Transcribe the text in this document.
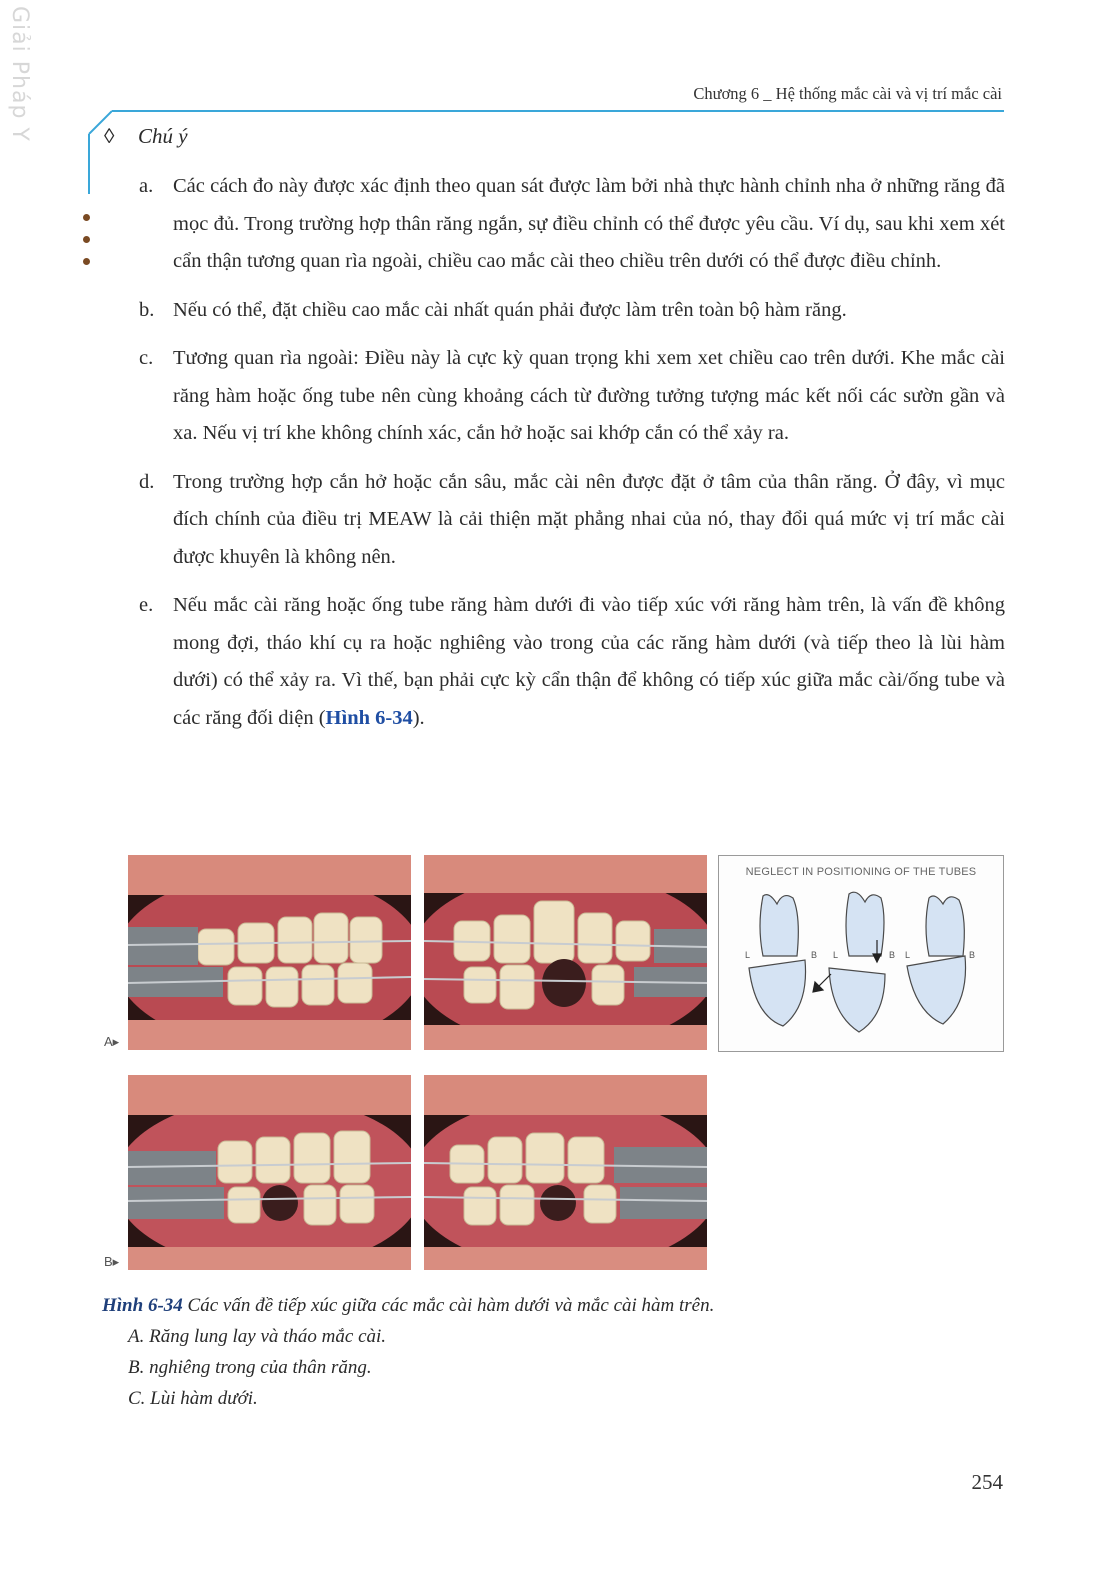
Giải Pháp Y
Chương 6 _ Hệ thống mắc cài và vị trí mắc cài
◊ Chú ý
a. Các cách đo này được xác định theo quan sát được làm bởi nhà thực hành chỉnh nha ở những răng đã mọc đủ. Trong trường hợp thân răng ngắn, sự điều chỉnh có thể được yêu cầu. Ví dụ, sau khi xem xét cẩn thận tương quan rìa ngoài, chiều cao mắc cài theo chiều trên dưới có thể được điều chỉnh.
b. Nếu có thể, đặt chiều cao mắc cài nhất quán phải được làm trên toàn bộ hàm răng.
c. Tương quan rìa ngoài: Điều này là cực kỳ quan trọng khi xem xet chiều cao trên dưới. Khe mắc cài răng hàm hoặc ống tube nên cùng khoảng cách từ đường tưởng tượng mác kết nối các sườn gần và xa. Nếu vị trí khe không chính xác, cắn hở hoặc sai khớp cắn có thể xảy ra.
d. Trong trường hợp cắn hở hoặc cắn sâu, mắc cài nên được đặt ở tâm của thân răng. Ở đây, vì mục đích chính của điều trị MEAW là cải thiện mặt phẳng nhai của nó, thay đổi quá mức vị trí mắc cài được khuyên là không nên.
e. Nếu mắc cài răng hoặc ống tube răng hàm dưới đi vào tiếp xúc với răng hàm trên, là vấn đề không mong đợi, tháo khí cụ ra hoặc nghiêng vào trong của các răng hàm dưới (và tiếp theo là lùi hàm dưới) có thể xảy ra. Vì thế, bạn phải cực kỳ cẩn thận để không có tiếp xúc giữa mắc cài/ống tube và các răng đối diện (Hình 6-34).
NEGLECT IN POSITIONING OF THE TUBES
L	B L	B L	B
A▸
B▸
Hình 6-34 Các vấn đề tiếp xúc giữa các mắc cài hàm dưới và mắc cài hàm trên.
A. Răng lung lay và tháo mắc cài.
B. nghiêng trong của thân răng.
C. Lùi hàm dưới.
254
